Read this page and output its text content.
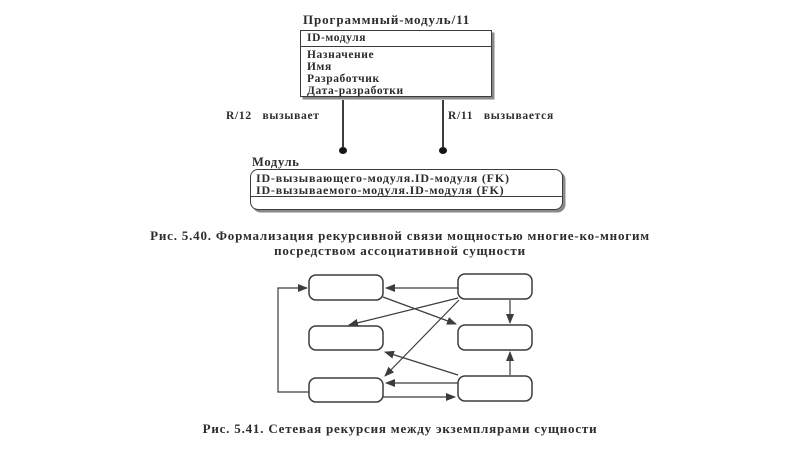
Программный-модуль/11
ID-модуля
Назначение
Имя
Разработчик
Дата-разработки
R/12   вызывает	R/11   вызывается
Модуль
ID-вызывающего-модуля.ID-модуля (FK)
ID-вызываемого-модуля.ID-модуля (FK)
Рис. 5.40. Формализация рекурсивной связи мощностью многие-ко-многим
посредством ассоциативной сущности
Рис. 5.41. Сетевая рекурсия между экземплярами сущности
